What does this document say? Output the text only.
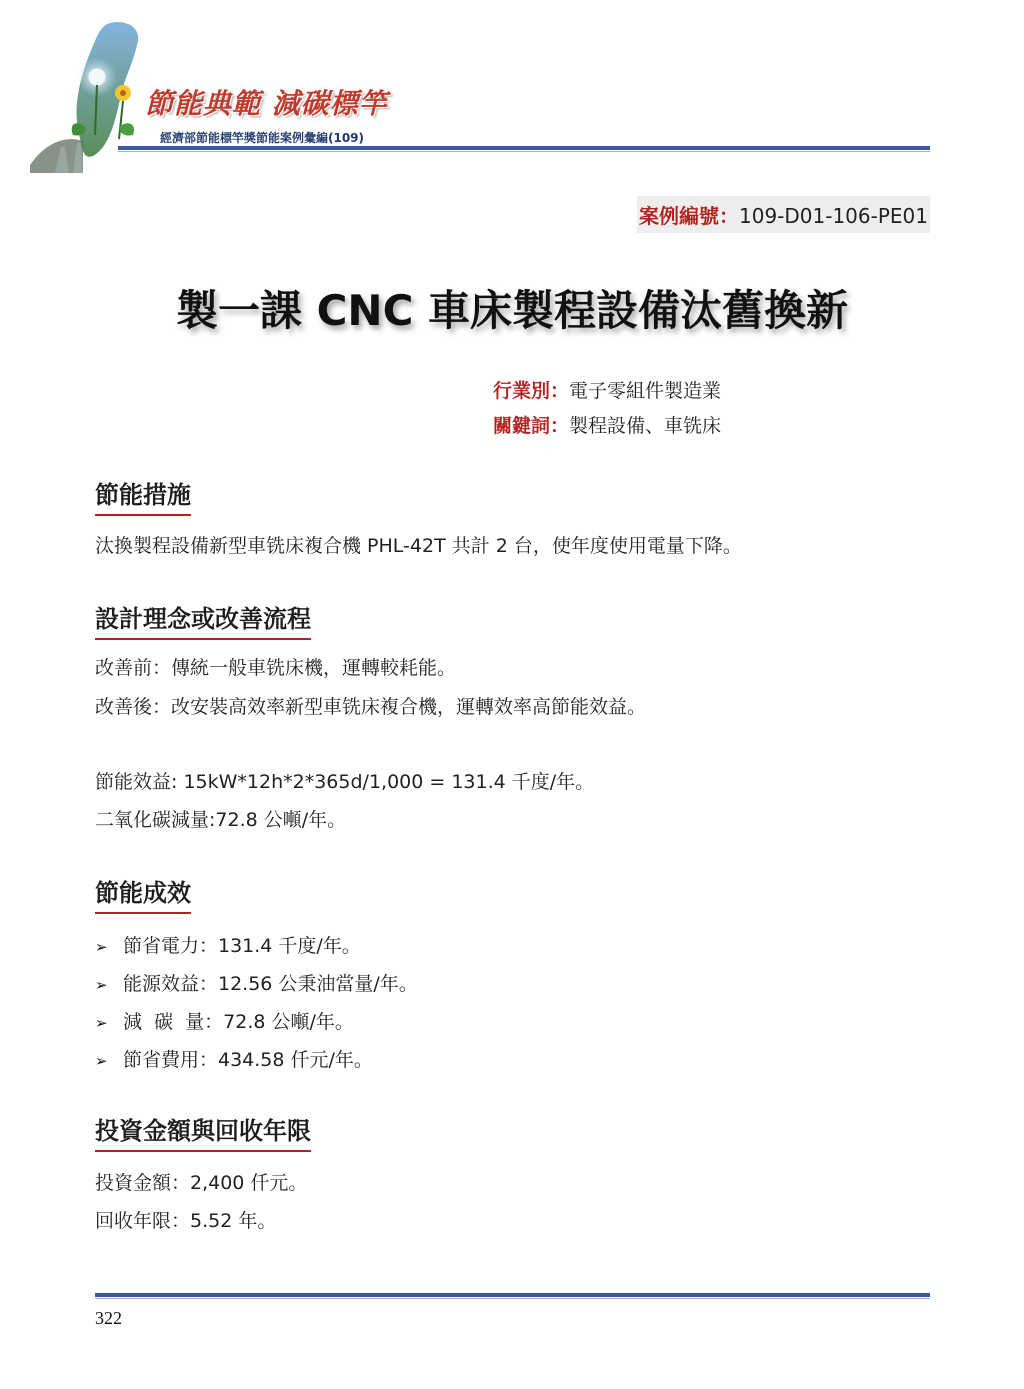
節能典範 減碳標竿
經濟部節能標竿獎節能案例彙編(109)
案例編號：109-D01-106-PE01
製一課 CNC 車床製程設備汰舊換新
行業別：電子零組件製造業
關鍵詞：製程設備、車铣床
節能措施
汰換製程設備新型車铣床複合機 PHL-42T 共計 2 台，使年度使用電量下降。
設計理念或改善流程
改善前：傳統一般車铣床機，運轉較耗能。
改善後：改安裝高效率新型車铣床複合機，運轉效率高節能效益。
節能效益: 15kW*12h*2*365d/1,000 = 131.4 千度/年。
二氧化碳減量:72.8 公噸/年。
節能成效
➢ 節省電力：131.4 千度/年。
➢ 能源效益：12.56 公秉油當量/年。
➢ 減  碳  量：72.8 公噸/年。
➢ 節省費用：434.58 仟元/年。
投資金額與回收年限
投資金額：2,400 仟元。
回收年限：5.52 年。
322
